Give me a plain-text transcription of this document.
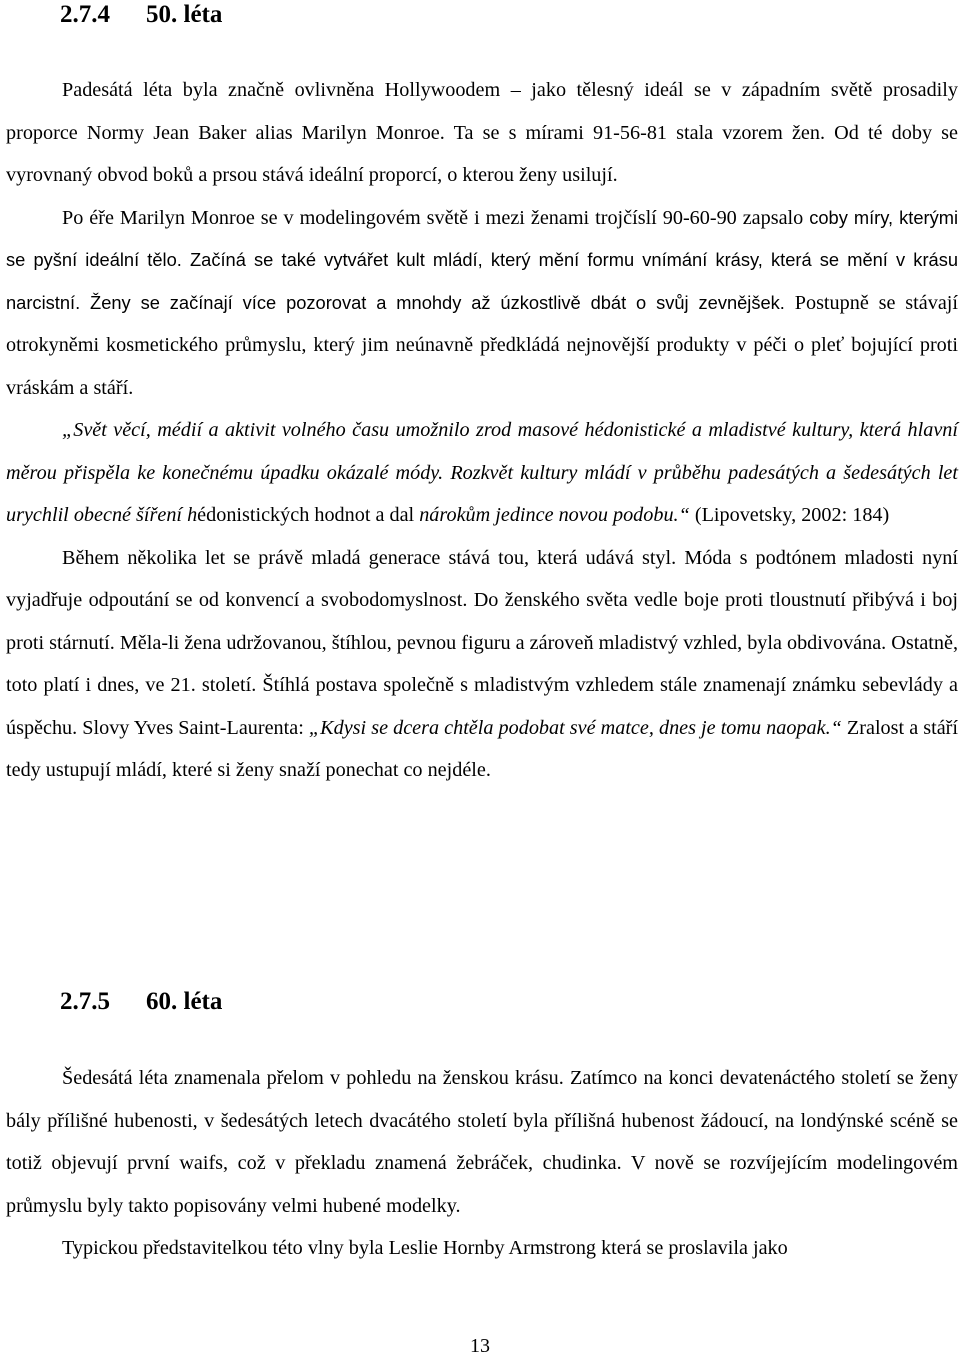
2.7.4 50. léta

Padesátá léta byla značně ovlivněna Hollywoodem – jako tělesný ideál se v západním světě prosadily proporce Normy Jean Baker alias Marilyn Monroe. Ta se s mírami 91-56-81 stala vzorem žen. Od té doby se vyrovnaný obvod boků a prsou stává ideální proporcí, o kterou ženy usilují.

Po éře Marilyn Monroe se v modelingovém světě i mezi ženami trojčíslí 90-60-90 zapsalo coby míry, kterými se pyšní ideální tělo. Začíná se také vytvářet kult mládí, který mění formu vnímání krásy, která se mění v krásu narcistní. Ženy se začínají více pozorovat a mnohdy až úzkostlivě dbát o svůj zevnějšek. Postupně se stávají otrokyněmi kosmetického průmyslu, který jim neúnavně předkládá nejnovější produkty v péči o pleť bojující proti vráskám a stáří.

„Svět věcí, médií a aktivit volného času umožnilo zrod masové hédonistické a mladistvé kultury, která hlavní měrou přispěla ke konečnému úpadku okázalé módy. Rozkvět kultury mládí v průběhu padesátých a šedesátých let urychlil obecné šíření hédonistických hodnot a dal nárokům jedince novou podobu.“ (Lipovetsky, 2002: 184)

Během několika let se právě mladá generace stává tou, která udává styl. Móda s podtónem mladosti nyní vyjadřuje odpoutání se od konvencí a svobodomyslnost. Do ženského světa vedle boje proti tloustnutí přibývá i boj proti stárnutí. Měla-li žena udržovanou, štíhlou, pevnou figuru a zároveň mladistvý vzhled, byla obdivována. Ostatně, toto platí i dnes, ve 21. století. Štíhlá postava společně s mladistvým vzhledem stále znamenají známku sebevlády a úspěchu. Slovy Yves Saint-Laurenta: „Kdysi se dcera chtěla podobat své matce, dnes je tomu naopak.“ Zralost a stáří tedy ustupují mládí, které si ženy snaží ponechat co nejdéle.

2.7.5 60. léta

Šedesátá léta znamenala přelom v pohledu na ženskou krásu. Zatímco na konci devatenáctého století se ženy bály přílišné hubenosti, v šedesátých letech dvacátého století byla přílišná hubenost žádoucí, na londýnské scéně se totiž objevují první waifs, což v překladu znamená žebráček, chudinka. V nově se rozvíjejícím modelingovém průmyslu byly takto popisovány velmi hubené modelky.

Typickou představitelkou této vlny byla Leslie Hornby Armstrong která se proslavila jako

13
